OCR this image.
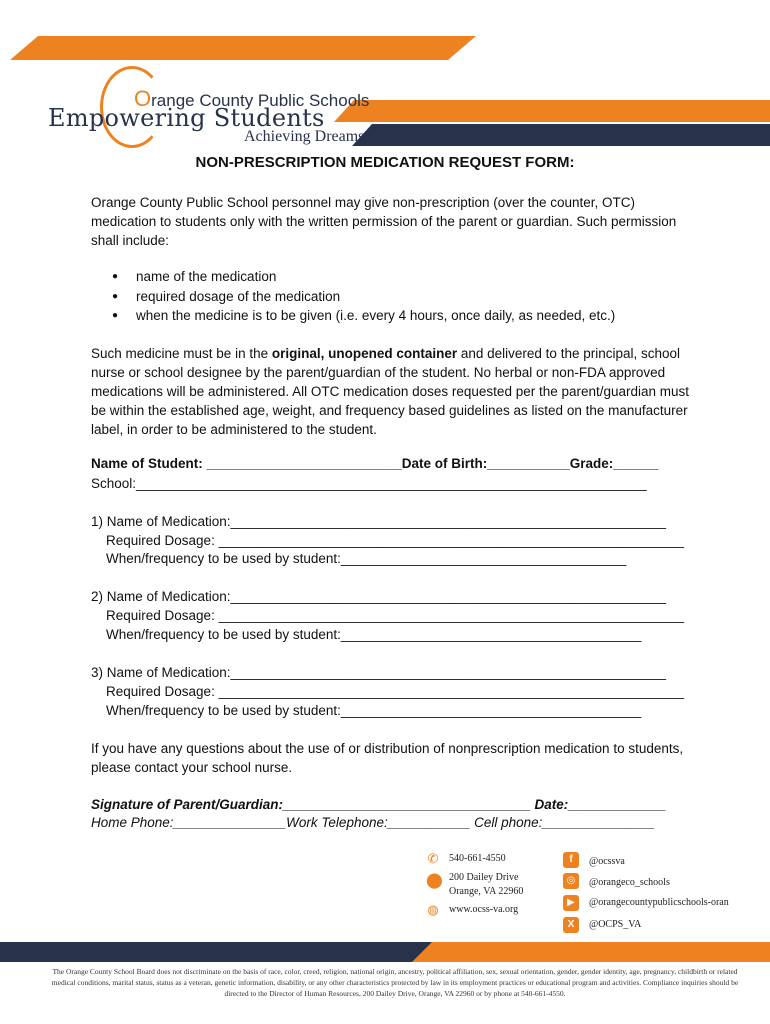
Orange County Public Schools
Empowering Students
Achieving Dreams
NON-PRESCRIPTION MEDICATION REQUEST FORM:
Orange County Public School personnel may give non-prescription (over the counter, OTC) medication to students only with the written permission of the parent or guardian. Such permission shall include:
● name of the medication
● required dosage of the medication
● when the medicine is to be given (i.e. every 4 hours, once daily, as needed, etc.)
Such medicine must be in the original, unopened container and delivered to the principal, school nurse or school designee by the parent/guardian of the student. No herbal or non-FDA approved medications will be administered. All OTC medication doses requested per the parent/guardian must be within the established age, weight, and frequency based guidelines as listed on the manufacturer label, in order to be administered to the student.
Name of Student: __________________________Date of Birth:___________Grade:______
School:____________________________________________________________________
1) Name of Medication:__________________________________________________________
Required Dosage: ______________________________________________________________
When/frequency to be used by student:______________________________________
2) Name of Medication:__________________________________________________________
Required Dosage: ______________________________________________________________
When/frequency to be used by student:________________________________________
3) Name of Medication:__________________________________________________________
Required Dosage: ______________________________________________________________
When/frequency to be used by student:________________________________________
If you have any questions about the use of or distribution of nonprescription medication to students, please contact your school nurse.
Signature of Parent/Guardian:_________________________________ Date:_____________
Home Phone:_______________Work Telephone:___________ Cell phone:_______________
✆ 540-661-4550
⬤ 200 Dailey Drive
Orange, VA 22960
◍ www.ocss-va.org
f	@ocssva
◎	@orangeco_schools
▶	@orangecountypublicschools-oran
X	@OCPS_VA
The Orange County School Board does not discriminate on the basis of race, color, creed, religion, national origin, ancestry, political affiliation, sex, sexual orientation, gender, gender identity, age, pregnancy, childbirth or related medical conditions, marital status, status as a veteran, genetic information, disability, or any other characteristics protected by law in its employment practices or educational program and activities. Compliance inquiries should be directed to the Director of Human Resources, 200 Dailey Drive, Orange, VA 22960 or by phone at 540-661-4550.
